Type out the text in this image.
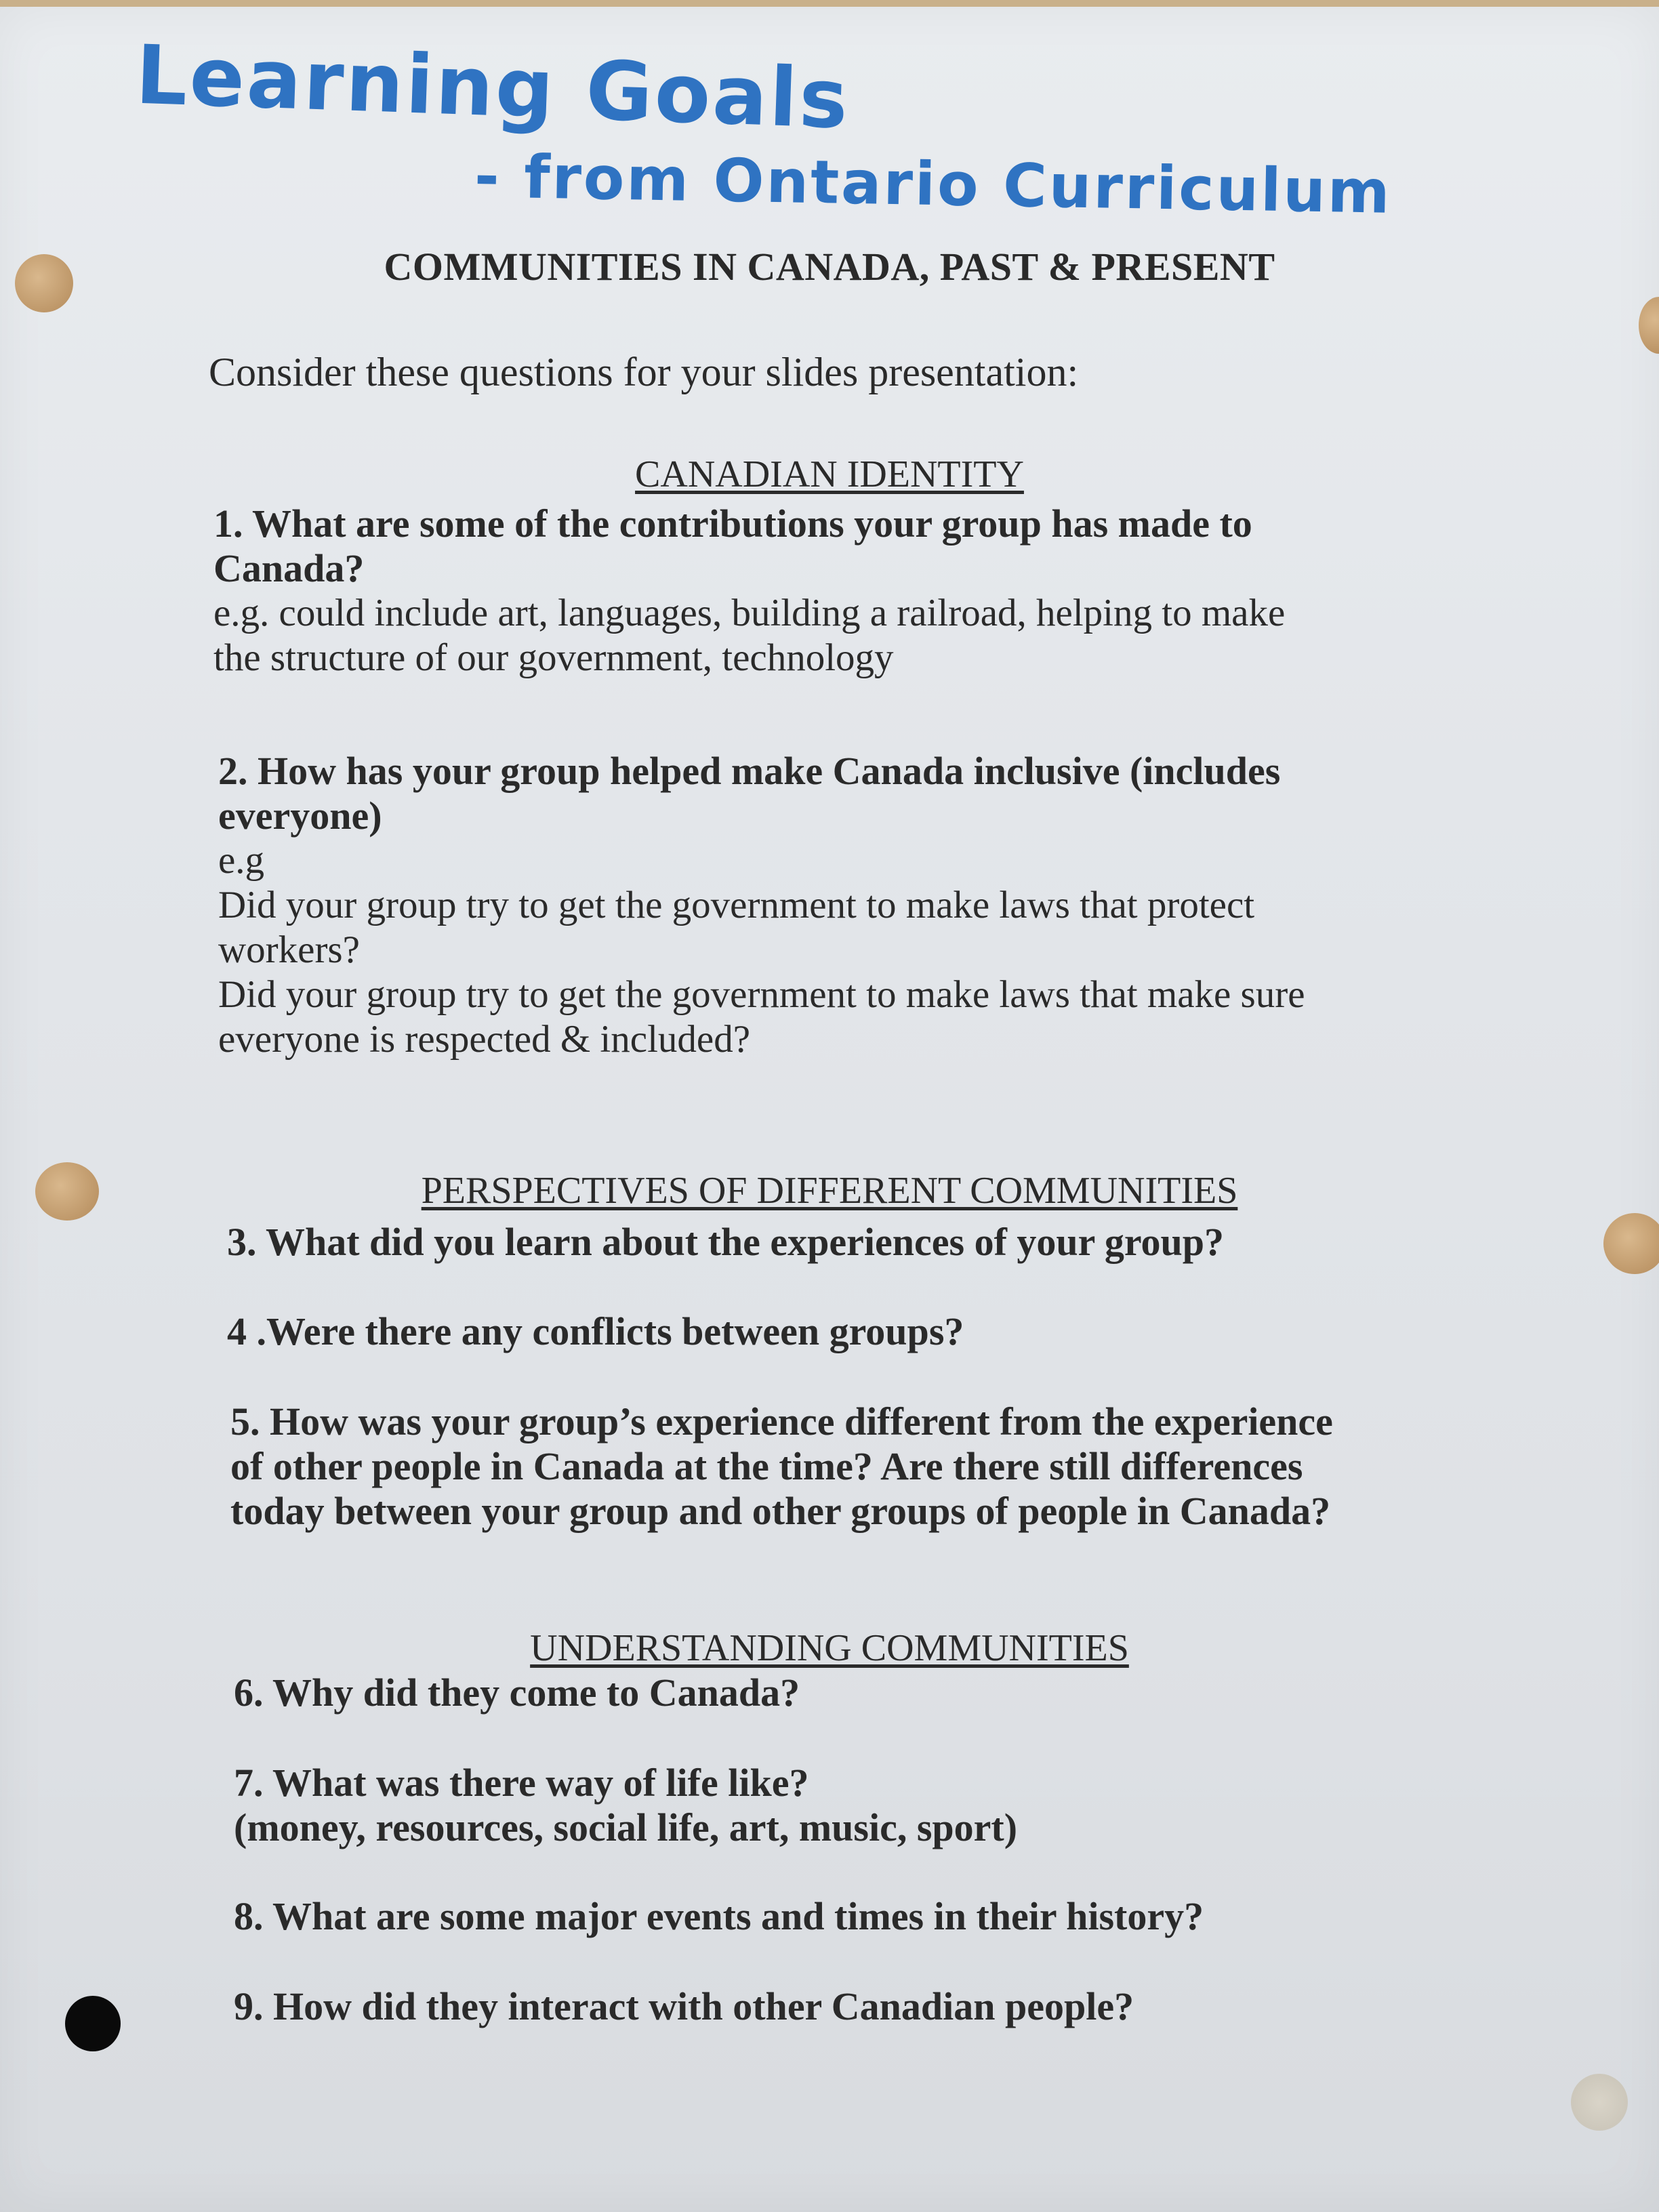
Learning Goals
- from Ontario Curriculum
COMMUNITIES IN CANADA, PAST & PRESENT
Consider these questions for your slides presentation:
CANADIAN IDENTITY
1. What are some of the contributions your group has made to
Canada?
e.g. could include art, languages, building a railroad, helping to make
the structure of our government, technology
2. How has your group helped make Canada inclusive (includes
everyone)
e.g
Did your group try to get the government to make laws that protect
workers?
Did your group try to get the government to make laws that make sure
everyone is respected & included?
PERSPECTIVES OF DIFFERENT COMMUNITIES
3. What did you learn about the experiences of your group?
4 .Were there any conflicts between groups?
5. How was your group’s experience different from the experience
of other people in Canada at the time? Are there still differences
today between your group and other groups of people in Canada?
UNDERSTANDING COMMUNITIES
6. Why did they come to Canada?
7. What was there way of life like?
(money, resources, social life, art, music, sport)
8. What are some major events and times in their history?
9. How did they interact with other Canadian people?
